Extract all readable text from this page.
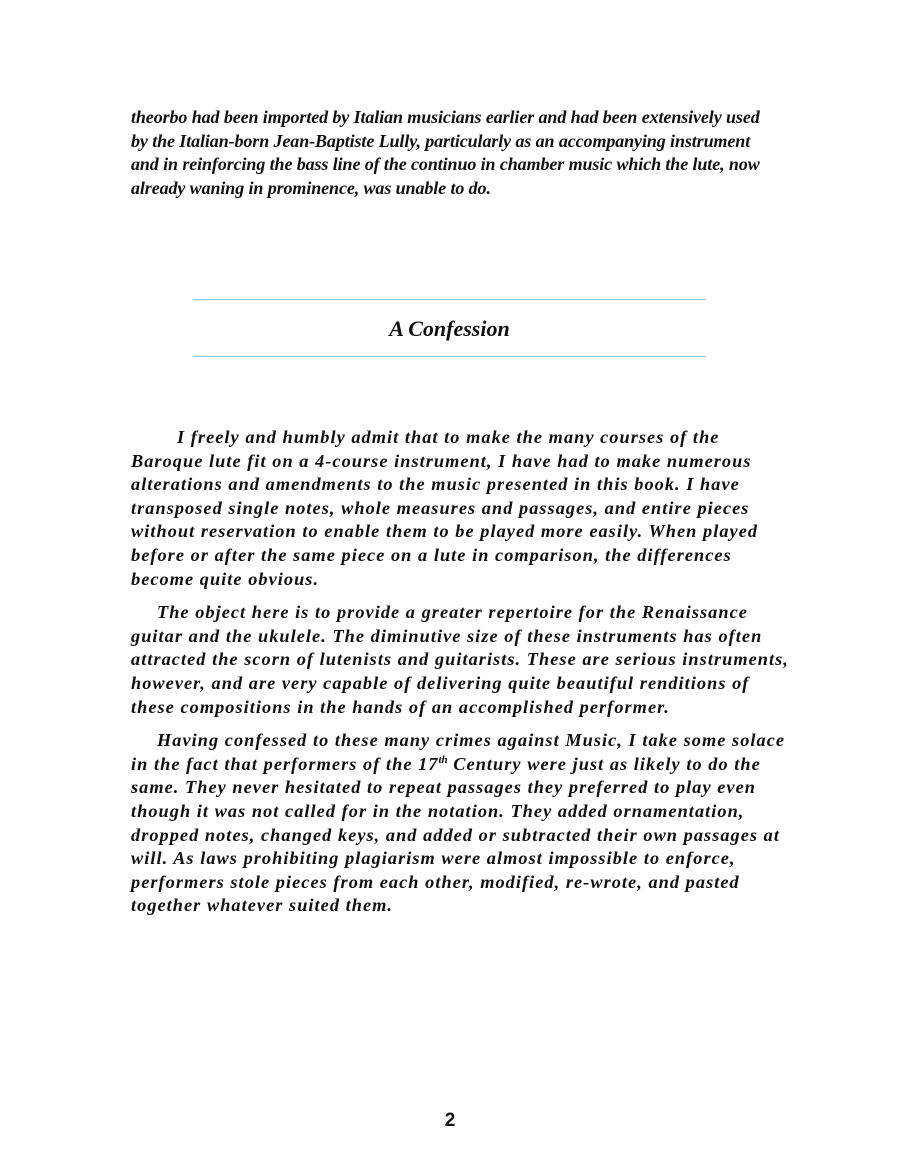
theorbo had been imported by Italian musicians earlier and had been extensively used by the Italian-born Jean-Baptiste Lully, particularly as an accompanying instrument and in reinforcing the bass line of the continuo in chamber music which the lute, now already waning in prominence, was unable to do.

A Confession

I freely and humbly admit that to make the many courses of the Baroque lute fit on a 4-course instrument, I have had to make numerous alterations and amendments to the music presented in this book. I have transposed single notes, whole measures and passages, and entire pieces without reservation to enable them to be played more easily. When played before or after the same piece on a lute in comparison, the differences become quite obvious.

The object here is to provide a greater repertoire for the Renaissance guitar and the ukulele. The diminutive size of these instruments has often attracted the scorn of lutenists and guitarists. These are serious instruments, however, and are very capable of delivering quite beautiful renditions of these compositions in the hands of an accomplished performer.

Having confessed to these many crimes against Music, I take some solace in the fact that performers of the 17th Century were just as likely to do the same. They never hesitated to repeat passages they preferred to play even though it was not called for in the notation. They added ornamentation, dropped notes, changed keys, and added or subtracted their own passages at will. As laws prohibiting plagiarism were almost impossible to enforce, performers stole pieces from each other, modified, re-wrote, and pasted together whatever suited them.

2
